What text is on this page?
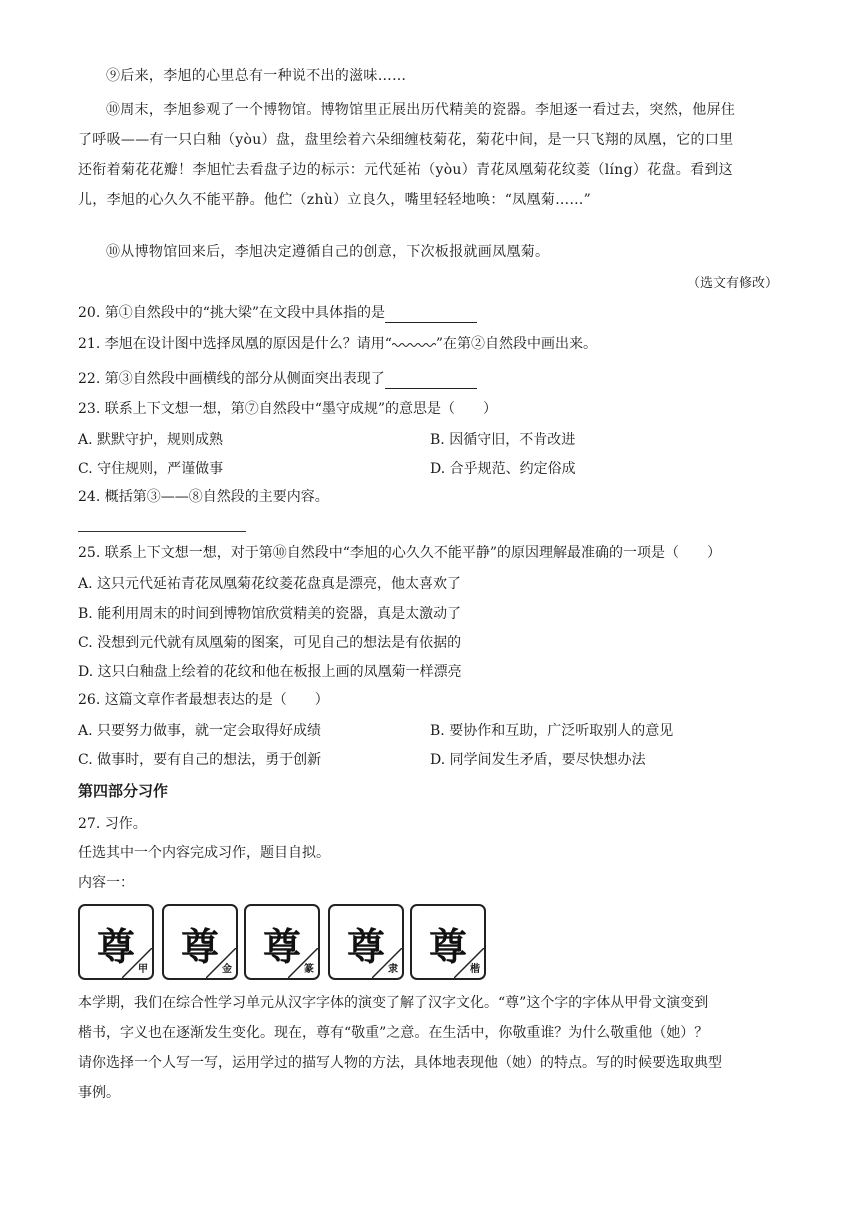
⑨后来，李旭的心里总有一种说不出的滋味……
⑩周末，李旭参观了一个博物馆。博物馆里正展出历代精美的瓷器。李旭逐一看过去，突然，他屏住
了呼吸——有一只白釉（yòu）盘，盘里绘着六朵细缠枝菊花，菊花中间，是一只飞翔的凤凰，它的口里
还衔着菊花花瓣！李旭忙去看盘子边的标示：元代延祐（yòu）青花凤凰菊花纹菱（líng）花盘。看到这
儿，李旭的心久久不能平静。他伫（zhù）立良久，嘴里轻轻地唤：“凤凰菊……”
⑩从博物馆回来后，李旭决定遵循自己的创意，下次板报就画凤凰菊。
（选文有修改）
20. 第①自然段中的“挑大梁”在文段中具体指的是
21. 李旭在设计图中选择凤凰的原因是什么？请用“	”在第②自然段中画出来。
22. 第③自然段中画横线的部分从侧面突出表现了
23. 联系上下文想一想，第⑦自然段中“墨守成规”的意思是（　　）
A. 默默守护，规则成熟	B. 因循守旧，不肯改进
C. 守住规则，严谨做事	D. 合乎规范、约定俗成
24. 概括第③——⑧自然段的主要内容。
25. 联系上下文想一想，对于第⑩自然段中“李旭的心久久不能平静”的原因理解最准确的一项是（　　）
A. 这只元代延祐青花凤凰菊花纹菱花盘真是漂亮，他太喜欢了
B. 能利用周末的时间到博物馆欣赏精美的瓷器，真是太激动了
C. 没想到元代就有凤凰菊的图案，可见自己的想法是有依据的
D. 这只白釉盘上绘着的花纹和他在板报上画的凤凰菊一样漂亮
26. 这篇文章作者最想表达的是（　　）
A. 只要努力做事，就一定会取得好成绩	B. 要协作和互助，广泛听取别人的意见
C. 做事时，要有自己的想法，勇于创新	D. 同学间发生矛盾，要尽快想办法
第四部分习作
27. 习作。
任选其中一个内容完成习作，题目自拟。
内容一：
尊
甲
尊
金
尊
篆
尊
隶
尊
楷
本学期，我们在综合性学习单元从汉字字体的演变了解了汉字文化。“尊”这个字的字体从甲骨文演变到
楷书，字义也在逐渐发生变化。现在，尊有“敬重”之意。在生活中，你敬重谁？为什么敬重他（她）？
请你选择一个人写一写，运用学过的描写人物的方法，具体地表现他（她）的特点。写的时候要选取典型
事例。
